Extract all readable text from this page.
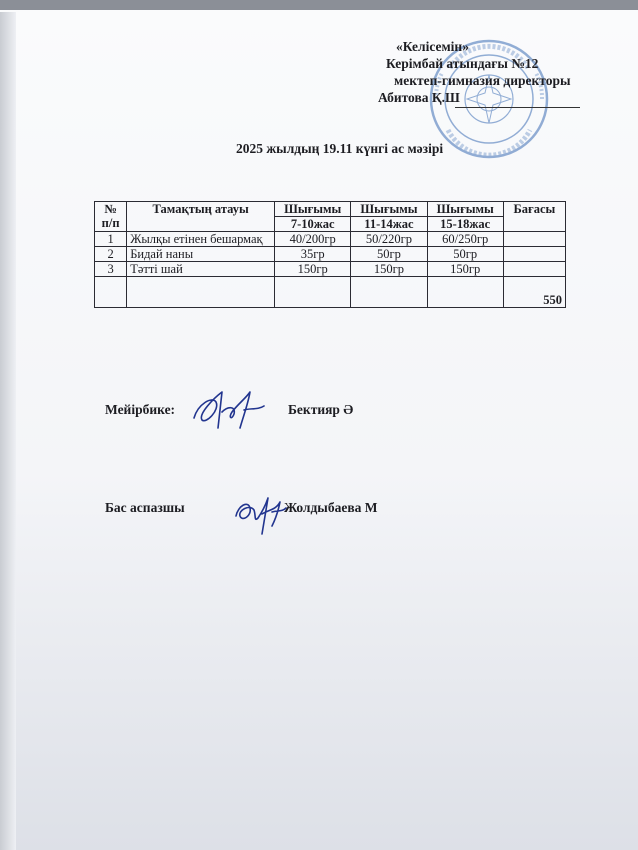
«Келісемін»
Керімбай атындағы №12
мектеп-гимназия директоры
Абитова Қ.Ш
2025 жылдың 19.11 күнгі ас мәзірі
№ п/п	Тамақтың атауы	Шығымы	Шығымы	Шығымы	Бағасы
		7-10жас	11-14жас	15-18жас	
1	Жылқы етінен бешармақ	40/200гр	50/220гр	60/250гр	
2	Бидай наны	35гр	50гр	50гр	
3	Тәтті шай	150гр	150гр	150гр	
					550
Мейірбике:	Бектияр Ә
Бас аспазшы	Жолдыбаева М
